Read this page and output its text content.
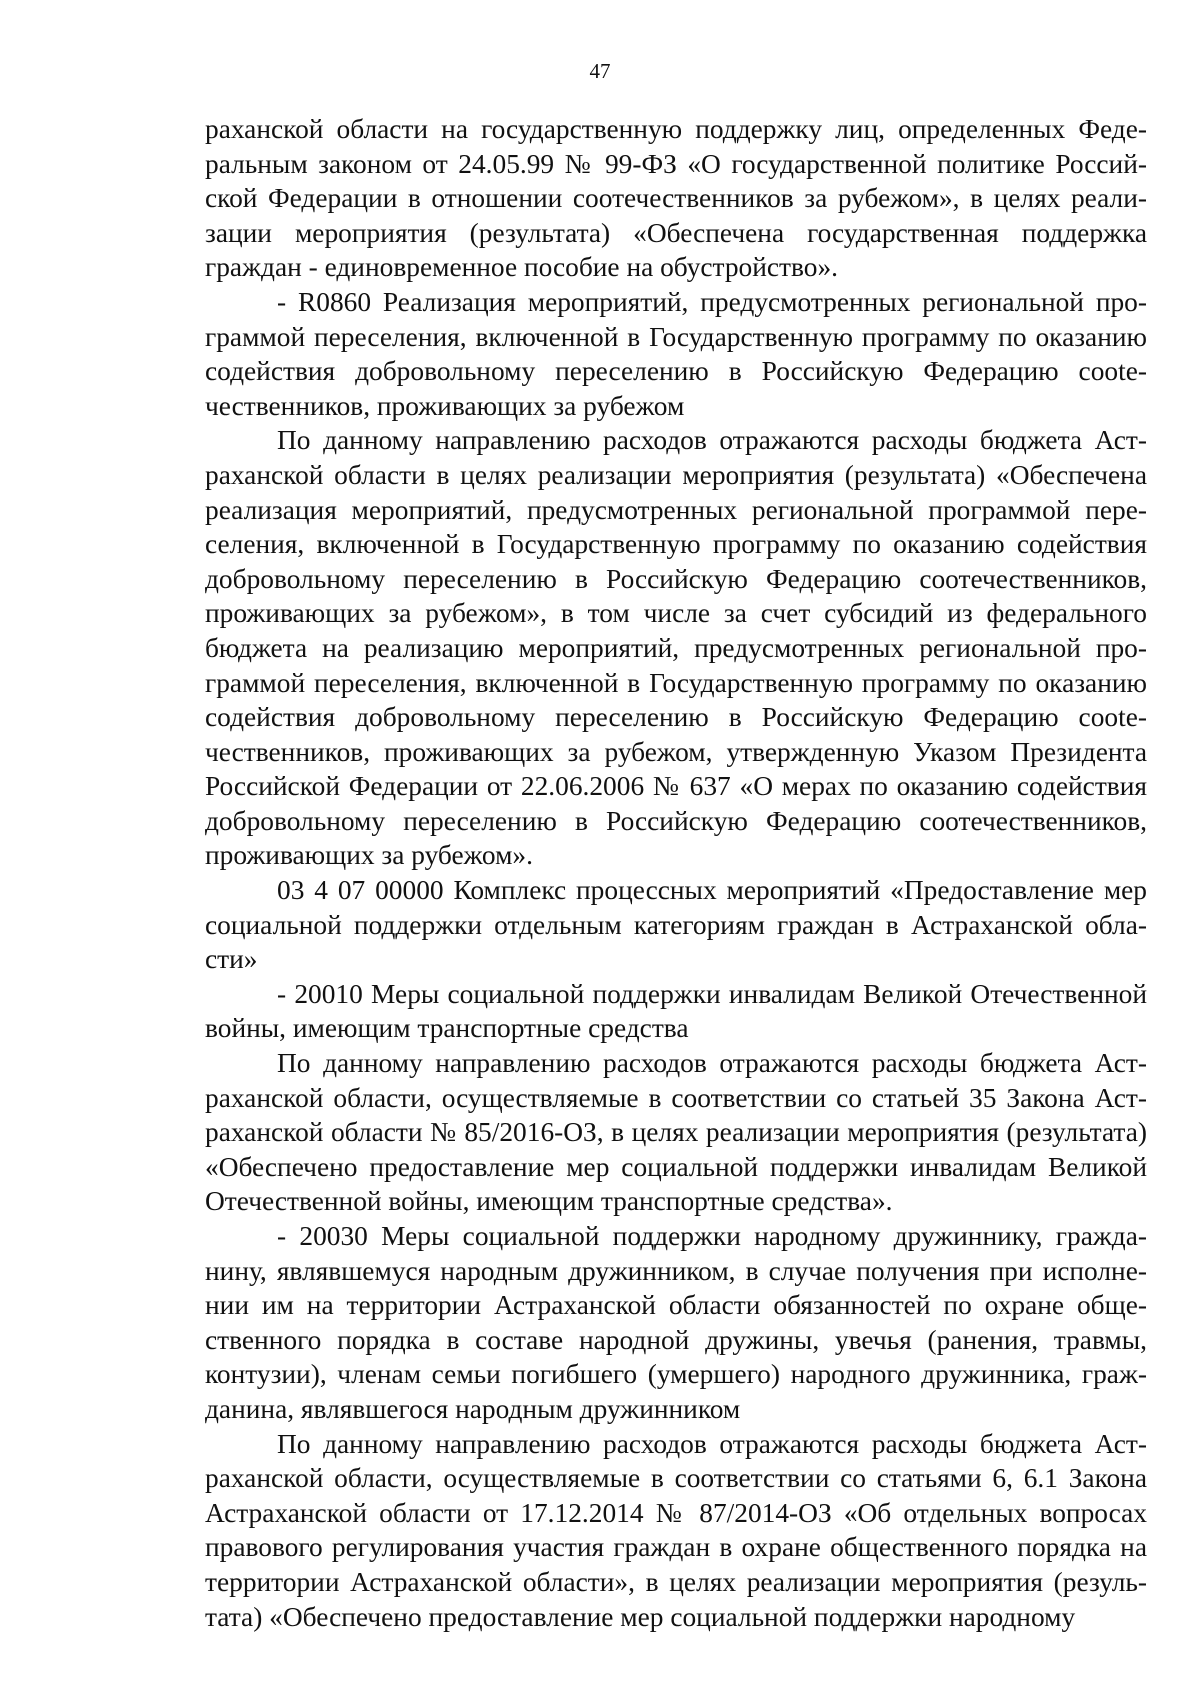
47

раханской области на государственную поддержку лиц, определенных Федеральным законом от 24.05.99 № 99-ФЗ «О государственной политике Российской Федерации в отношении соотечественников за рубежом», в целях реализации мероприятия (результата) «Обеспечена государственная поддержка граждан - единовременное пособие на обустройство».

- R0860 Реализация мероприятий, предусмотренных региональной программой переселения, включенной в Государственную программу по оказанию содействия добровольному переселению в Российскую Федерацию соoteчественников, проживающих за рубежом

По данному направлению расходов отражаются расходы бюджета Астраханской области в целях реализации мероприятия (результата) «Обеспечена реализация мероприятий, предусмотренных региональной программой переселения, включенной в Государственную программу по оказанию содействия добровольному переселению в Российскую Федерацию соотечественников, проживающих за рубежом», в том числе за счет субсидий из федерального бюджета на реализацию мероприятий, предусмотренных региональной программой переселения, включенной в Государственную программу по оказанию содействия добровольному переселению в Российскую Федерацию соoteчественников, проживающих за рубежом, утвержденную Указом Президента Российской Федерации от 22.06.2006 № 637 «О мерах по оказанию содействия добровольному переселению в Российскую Федерацию соотечественников, проживающих за рубежом».

03 4 07 00000 Комплекс процессных мероприятий «Предоставление мер социальной поддержки отдельным категориям граждан в Астраханской области»

- 20010 Меры социальной поддержки инвалидам Великой Отечественной войны, имеющим транспортные средства

По данному направлению расходов отражаются расходы бюджета Астраханской области, осуществляемые в соответствии со статьей 35 Закона Астраханской области № 85/2016-ОЗ, в целях реализации мероприятия (результата) «Обеспечено предоставление мер социальной поддержки инвалидам Великой Отечественной войны, имеющим транспортные средства».

- 20030 Меры социальной поддержки народному дружиннику, гражданину, являвшемуся народным дружинником, в случае получения при исполнении им на территории Астраханской области обязанностей по охране общественного порядка в составе народной дружины, увечья (ранения, травмы, контузии), членам семьи погибшего (умершего) народного дружинника, гражданина, являвшегося народным дружинником

По данному направлению расходов отражаются расходы бюджета Астраханской области, осуществляемые в соответствии со статьями 6, 6.1 Закона Астраханской области от 17.12.2014 № 87/2014-ОЗ «Об отдельных вопросах правового регулирования участия граждан в охране общественного порядка на территории Астраханской области», в целях реализации мероприятия (результата) «Обеспечено предоставление мер социальной поддержки народному
